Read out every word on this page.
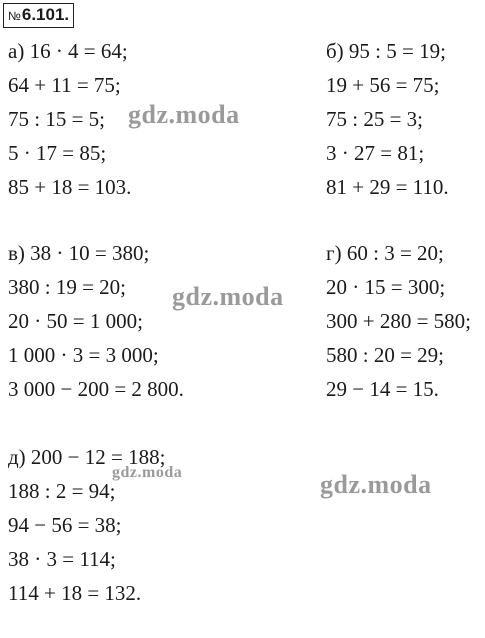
№6.101.
а) 16 · 4 = 64;
64 + 11 = 75;
75 : 15 = 5;
5 · 17 = 85;
85 + 18 = 103.
б) 95 : 5 = 19;
19 + 56 = 75;
75 : 25 = 3;
3 · 27 = 81;
81 + 29 = 110.
в) 38 · 10 = 380;
380 : 19 = 20;
20 · 50 = 1 000;
1 000 · 3 = 3 000;
3 000 − 200 = 2 800.
г) 60 : 3 = 20;
20 · 15 = 300;
300 + 280 = 580;
580 : 20 = 29;
29 − 14 = 15.
д) 200 − 12 = 188;
188 : 2 = 94;
94 − 56 = 38;
38 · 3 = 114;
114 + 18 = 132.
gdz.moda
gdz.moda
gdz.moda
gdz.moda
